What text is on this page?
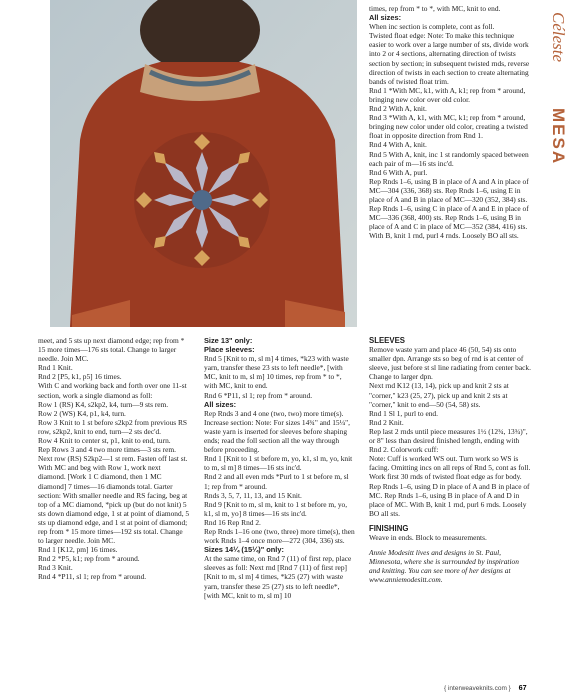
Céleste
MESA

times, rep from * to *, with MC, knit to end.

All sizes:

When inc section is complete, cont as foll.

Twisted float edge: Note: To make this technique easier to work over a large number of sts, divide work into 2 or 4 sections, alternating direction of twists section by section; in subsequent twisted rnds, reverse direction of twists in each section to create alternating bands of twisted float trim.

Rnd 1 *With MC, k1, with A, k1; rep from * around, bringing new color over old color.

Rnd 2 With A, knit.

Rnd 3 *With A, k1, with MC, k1; rep from * around, bringing new color under old color, creating a twisted float in opposite direction from Rnd 1.

Rnd 4 With A, knit.

Rnd 5 With A, knit, inc 1 st randomly spaced between each pair of m—16 sts inc'd.

Rnd 6 With A, purl.

Rep Rnds 1–6, using B in place of A and A in place of MC—304 (336, 368) sts. Rep Rnds 1–6, using E in place of A and B in place of MC—320 (352, 384) sts. Rep Rnds 1–6, using C in place of A and E in place of MC—336 (368, 400) sts. Rep Rnds 1–6, using B in place of A and C in place of MC—352 (384, 416) sts. With B, knit 1 rnd, purl 4 rnds. Loosely BO all sts.

meet, and 5 sts up next diamond edge; rep from * 15 more times—176 sts total. Change to larger needle. Join MC.

Rnd 1 Knit.

Rnd 2 [P5, k1, p5] 16 times.

With C and working back and forth over one 11-st section, work a single diamond as foll:

Row 1 (RS) K4, s2kp2, k4, turn—9 sts rem.

Row 2 (WS) K4, p1, k4, turn.

Row 3 Knit to 1 st before s2kp2 from previous RS row, s2kp2, knit to end, turn—2 sts dec'd.

Row 4 Knit to center st, p1, knit to end, turn.

Rep Rows 3 and 4 two more times—3 sts rem. Next row (RS) S2kp2—1 st rem. Fasten off last st. With MC and beg with Row 1, work next diamond. [Work 1 C diamond, then 1 MC diamond] 7 times—16 diamonds total. Garter section: With smaller needle and RS facing, beg at top of a MC diamond, *pick up (but do not knit) 5 sts down diamond edge, 1 st at point of diamond, 5 sts up diamond edge, and 1 st at point of diamond; rep from * 15 more times—192 sts total. Change to larger needle. Join MC.

Rnd 1 [K12, pm] 16 times.

Rnd 2 *P5, k1; rep from * around.

Rnd 3 Knit.

Rnd 4 *P11, sl 1; rep from * around.

Size 13" only:

Place sleeves:

Rnd 5 [Knit to m, sl m] 4 times, *k23 with waste yarn, transfer these 23 sts to left needle*, [with MC, knit to m, sl m] 10 times, rep from * to *, with MC, knit to end.

Rnd 6 *P11, sl 1; rep from * around.

All sizes:

Rep Rnds 3 and 4 one (two, two) more time(s). Increase section: Note: For sizes 14¾" and 15¼", waste yarn is inserted for sleeves before shaping ends; read the foll section all the way through before proceeding.

Rnd 1 [Knit to 1 st before m, yo, k1, sl m, yo, knit to m, sl m] 8 times—16 sts inc'd.

Rnd 2 and all even rnds *Purl to 1 st before m, sl 1; rep from * around.

Rnds 3, 5, 7, 11, 13, and 15 Knit.

Rnd 9 [Knit to m, sl m, knit to 1 st before m, yo, k1, sl m, yo] 8 times—16 sts inc'd.

Rnd 16 Rep Rnd 2.

Rep Rnds 1–16 one (two, three) more time(s), then work Rnds 1–4 once more—272 (304, 336) sts.

Sizes 14¼ (15¼)" only:

At the same time, on Rnd 7 (11) of first rep, place sleeves as foll: Next rnd [Rnd 7 (11) of first rep] [Knit to m, sl m] 4 times, *k25 (27) with waste yarn, transfer these 25 (27) sts to left needle*, [with MC, knit to m, sl m] 10

SLEEVES

Remove waste yarn and place 46 (50, 54) sts onto smaller dpn. Arrange sts so beg of rnd is at center of sleeve, just before st sl line radiating from center back. Change to larger dpn.

Next rnd K12 (13, 14), pick up and knit 2 sts at "corner," k23 (25, 27), pick up and knit 2 sts at "corner," knit to end—50 (54, 58) sts.

Rnd 1 Sl 1, purl to end.

Rnd 2 Knit.

Rep last 2 rnds until piece measures 1½ (12¾, 13¾)", or 8" less than desired finished length, ending with Rnd 2. Colorwork cuff:

Note: Cuff is worked WS out. Turn work so WS is facing. Omitting incs on all reps of Rnd 5, cont as foll. Work first 30 rnds of twisted float edge as for body. Rep Rnds 1–6, using D in place of A and B in place of MC. Rep Rnds 1–6, using B in place of A and D in place of MC. With B, knit 1 rnd, purl 6 rnds. Loosely BO all sts.

FINISHING

Weave in ends. Block to measurements.

Annie Modesitt lives and designs in St. Paul, Minnesota, where she is surrounded by inspiration and knitting. You can see more of her designs at www.anniemodesitt.com.

{ interweaveknits.com } 67
